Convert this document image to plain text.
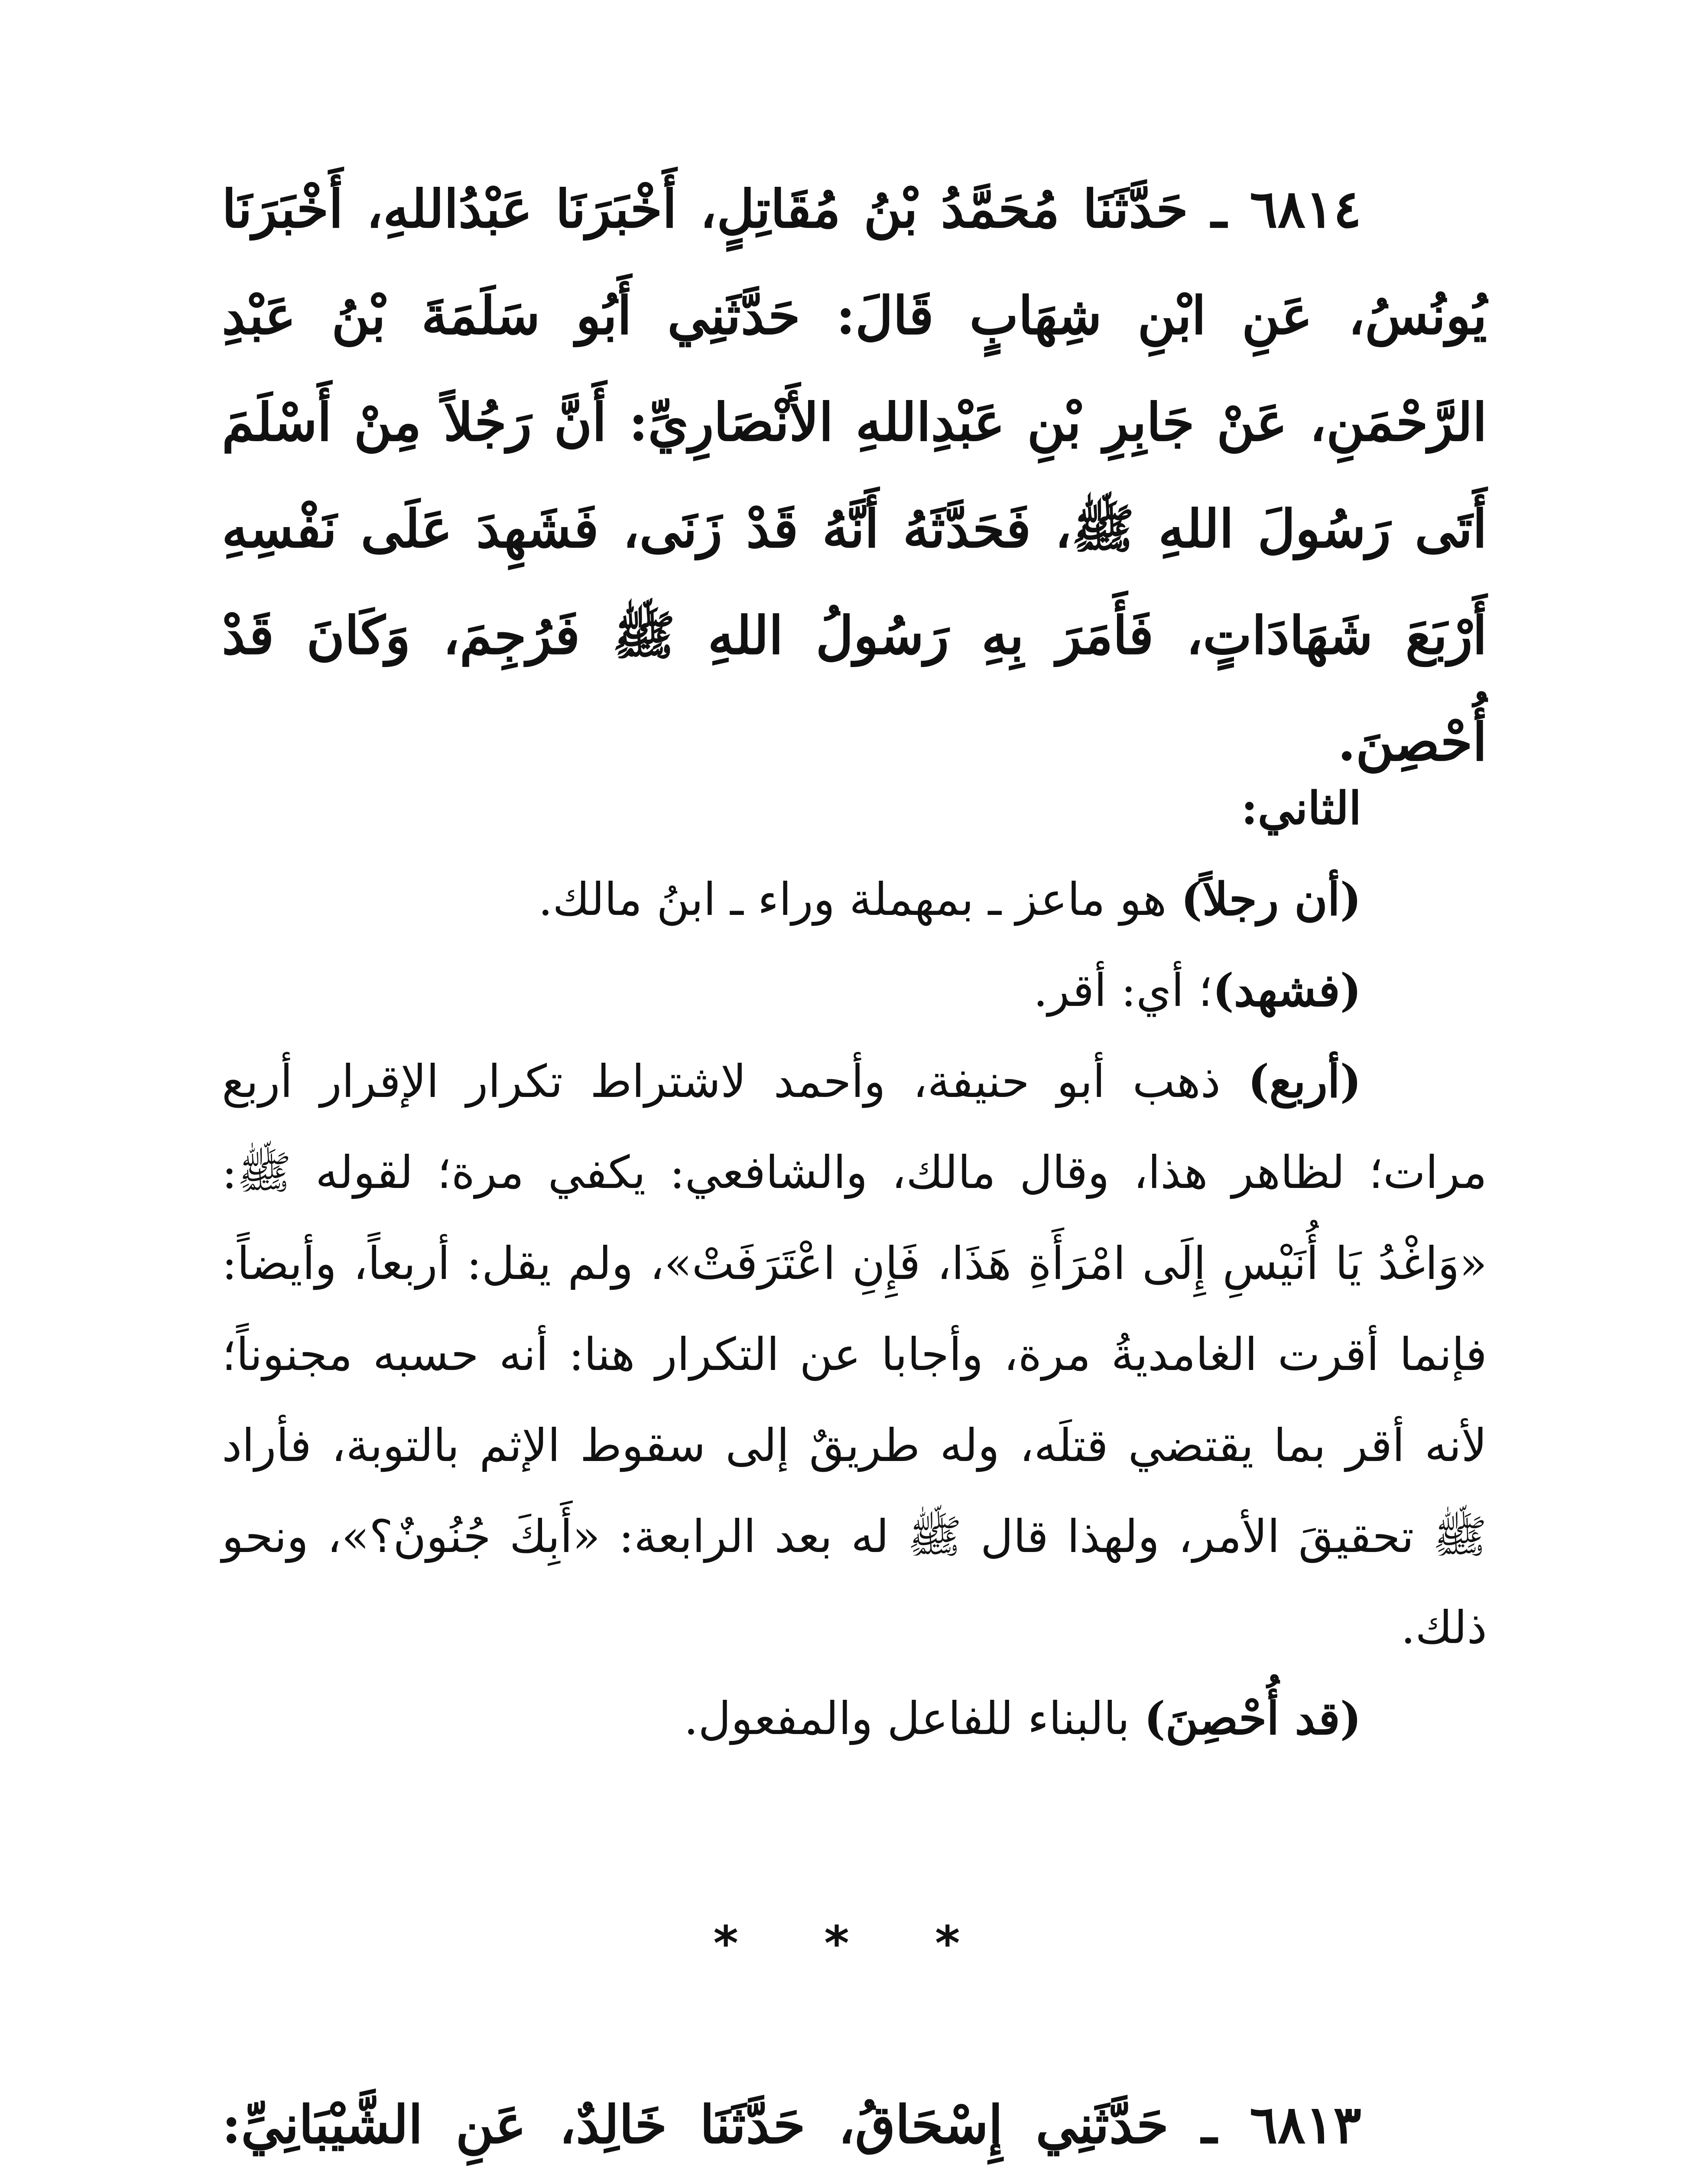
٦٨١٤ ـ حَدَّثَنَا مُحَمَّدُ بْنُ مُقَاتِلٍ، أَخْبَرَنَا عَبْدُاللهِ، أَخْبَرَنَا يُونُسُ، عَنِ ابْنِ شِهَابٍ قَالَ: حَدَّثَنِي أَبُو سَلَمَةَ بْنُ عَبْدِ الرَّحْمَنِ، عَنْ جَابِرِ بْنِ عَبْدِاللهِ الأَنْصَارِيِّ: أَنَّ رَجُلاً مِنْ أَسْلَمَ أَتَى رَسُولَ اللهِ ﷺ، فَحَدَّثَهُ أَنَّهُ قَدْ زَنَى، فَشَهِدَ عَلَى نَفْسِهِ أَرْبَعَ شَهَادَاتٍ، فَأَمَرَ بِهِ رَسُولُ اللهِ ﷺ فَرُجِمَ، وَكَانَ قَدْ أُحْصِنَ.

الثاني:

(أن رجلاً) هو ماعز ـ بمهملة وراء ـ ابنُ مالك.

(فشهد)؛ أي: أقر.

(أربع) ذهب أبو حنيفة، وأحمد لاشتراط تكرار الإقرار أربع مرات؛ لظاهر هذا، وقال مالك، والشافعي: يكفي مرة؛ لقوله ﷺ: «وَاغْدُ يَا أُنَيْسِ إِلَى امْرَأَةِ هَذَا، فَإِنِ اعْتَرَفَتْ»، ولم يقل: أربعاً، وأيضاً: فإنما أقرت الغامديةُ مرة، وأجابا عن التكرار هنا: أنه حسبه مجنوناً؛ لأنه أقر بما يقتضي قتلَه، وله طريقٌ إلى سقوط الإثم بالتوبة، فأراد ﷺ تحقيقَ الأمر، ولهذا قال ﷺ له بعد الرابعة: «أَبِكَ جُنُونٌ؟»، ونحو ذلك.

(قد أُحْصِنَ) بالبناء للفاعل والمفعول.

* * *

٦٨١٣ ـ حَدَّثَنِي إِسْحَاقُ، حَدَّثَنَا خَالِدٌ، عَنِ الشَّيْبَانِيِّ:
